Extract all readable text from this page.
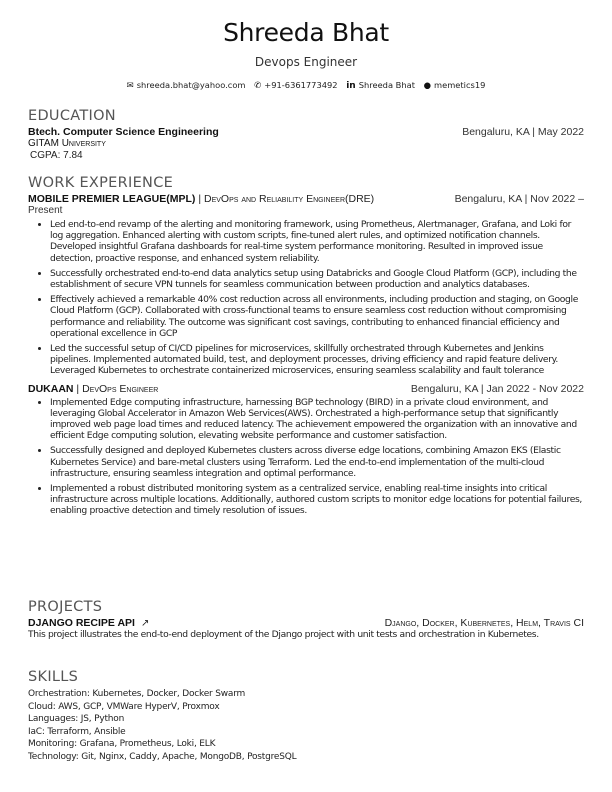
Shreeda Bhat
Devops Engineer
✉ shreeda.bhat@yahoo.com ✆ +91-6361773492 in Shreeda Bhat ● memetics19
EDUCATION
Btech. Computer Science Engineering	Bengaluru, KA | May 2022
GITAM University
CGPA: 7.84
WORK EXPERIENCE
MOBILE PREMIER LEAGUE(MPL) | DevOps and Reliability Engineer(DRE)	Bengaluru, KA | Nov 2022 –
Present
• Led end-to-end revamp of the alerting and monitoring framework, using Prometheus, Alertmanager, Grafana, and Loki for log aggregation. Enhanced alerting with custom scripts, fine-tuned alert rules, and optimized notification channels. Developed insightful Grafana dashboards for real-time system performance monitoring. Resulted in improved issue detection, proactive response, and enhanced system reliability.
• Successfully orchestrated end-to-end data analytics setup using Databricks and Google Cloud Platform (GCP), including the establishment of secure VPN tunnels for seamless communication between production and analytics databases.
• Effectively achieved a remarkable 40% cost reduction across all environments, including production and staging, on Google Cloud Platform (GCP). Collaborated with cross-functional teams to ensure seamless cost reduction without compromising performance and reliability. The outcome was significant cost savings, contributing to enhanced financial efficiency and operational excellence in GCP
• Led the successful setup of CI/CD pipelines for microservices, skillfully orchestrated through Kubernetes and Jenkins pipelines. Implemented automated build, test, and deployment processes, driving efficiency and rapid feature delivery. Leveraged Kubernetes to orchestrate containerized microservices, ensuring seamless scalability and fault tolerance
DUKAAN | DevOps Engineer	Bengaluru, KA | Jan 2022 - Nov 2022
• Implemented Edge computing infrastructure, harnessing BGP technology (BIRD) in a private cloud environment, and leveraging Global Accelerator in Amazon Web Services(AWS). Orchestrated a high-performance setup that significantly improved web page load times and reduced latency. The achievement empowered the organization with an innovative and efficient Edge computing solution, elevating website performance and customer satisfaction.
• Successfully designed and deployed Kubernetes clusters across diverse edge locations, combining Amazon EKS (Elastic Kubernetes Service) and bare-metal clusters using Terraform. Led the end-to-end implementation of the multi-cloud infrastructure, ensuring seamless integration and optimal performance.
• Implemented a robust distributed monitoring system as a centralized service, enabling real-time insights into critical infrastructure across multiple locations. Additionally, authored custom scripts to monitor edge locations for potential failures, enabling proactive detection and timely resolution of issues.
PROJECTS
DJANGO RECIPE API ↗	Django, Docker, Kubernetes, Helm, Travis CI
This project illustrates the end-to-end deployment of the Django project with unit tests and orchestration in Kubernetes.
SKILLS
Orchestration: Kubernetes, Docker, Docker Swarm
Cloud: AWS, GCP, VMWare HyperV, Proxmox
Languages: JS, Python
IaC: Terraform, Ansible
Monitoring: Grafana, Prometheus, Loki, ELK
Technology: Git, Nginx, Caddy, Apache, MongoDB, PostgreSQL
